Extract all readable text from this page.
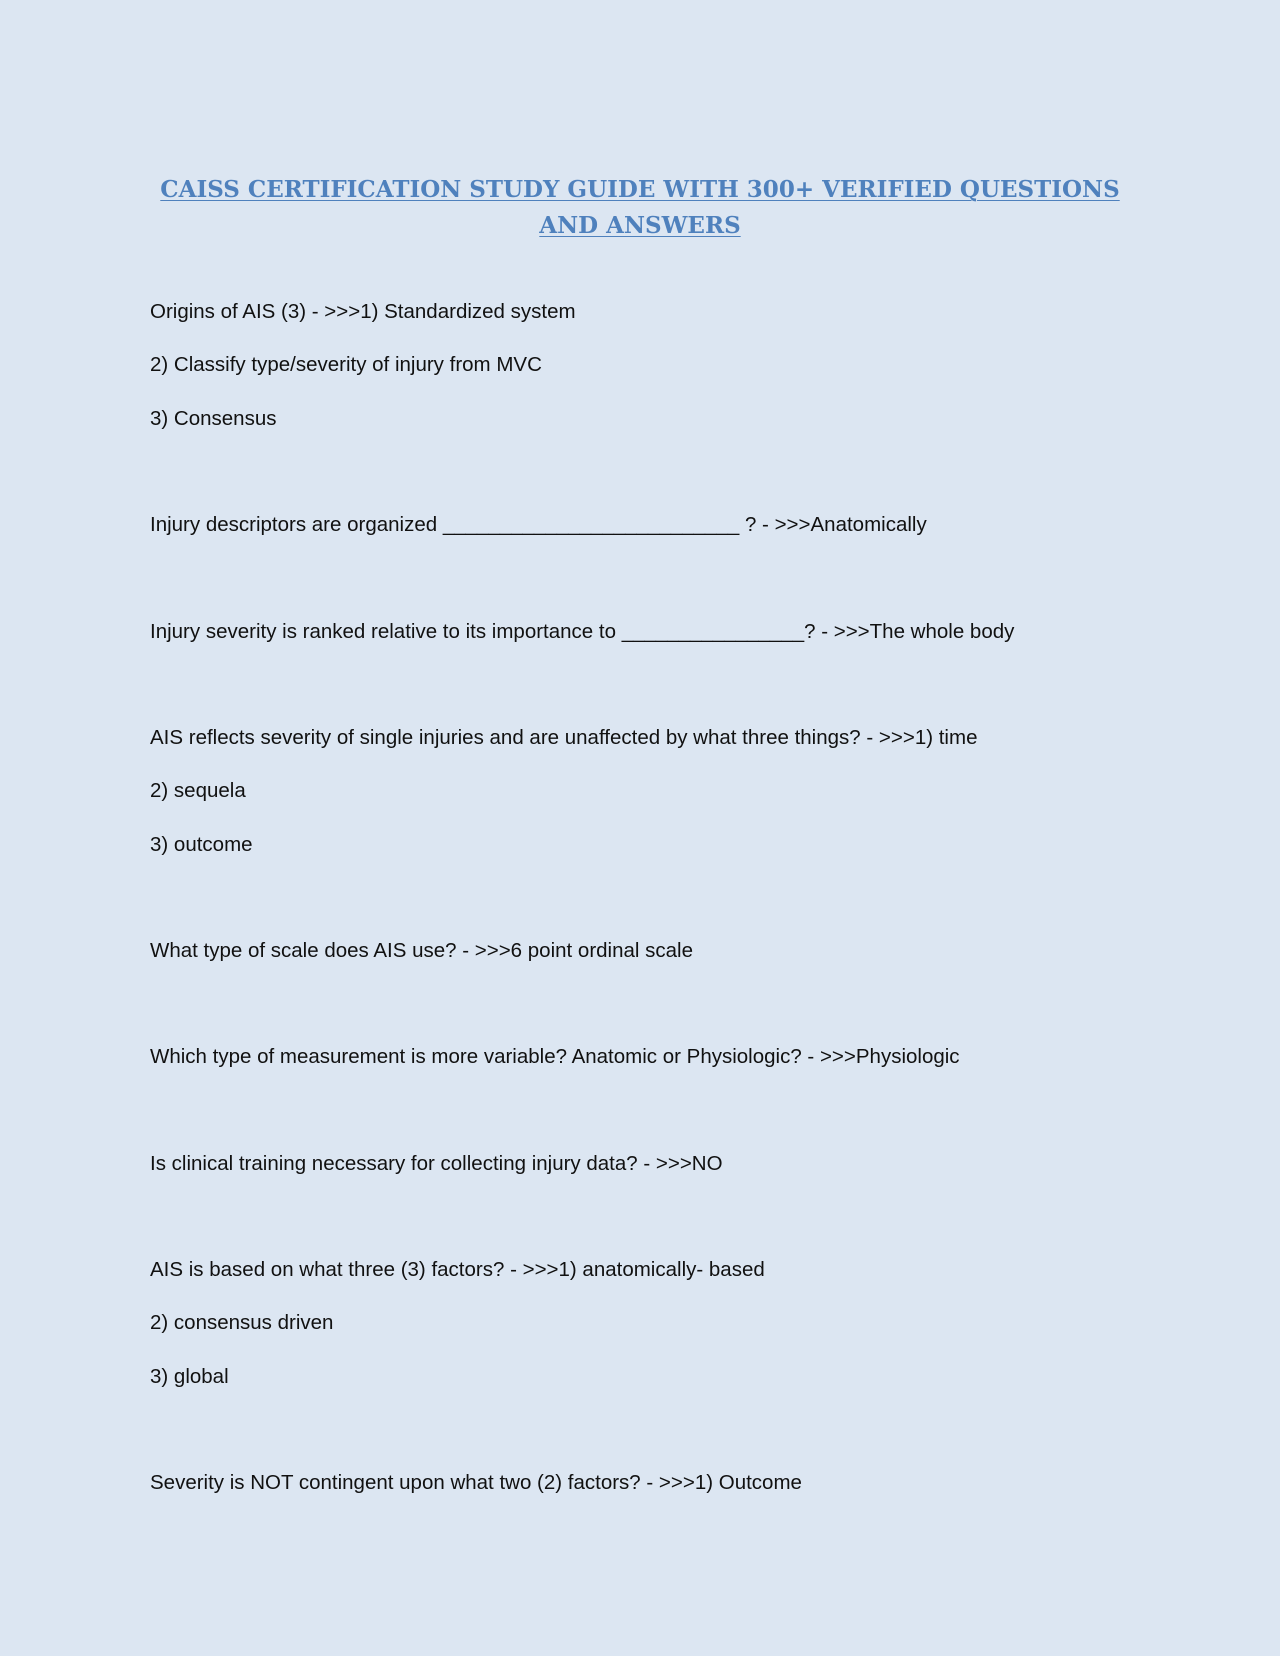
CAISS CERTIFICATION STUDY GUIDE WITH 300+ VERIFIED QUESTIONS AND ANSWERS

Origins of AIS (3) - >>>1) Standardized system

2) Classify type/severity of injury from MVC

3) Consensus

Injury descriptors are organized __________________________ ? - >>>Anatomically

Injury severity is ranked relative to its importance to ________________? - >>>The whole body

AIS reflects severity of single injuries and are unaffected by what three things? - >>>1) time

2) sequela

3) outcome

What type of scale does AIS use? - >>>6 point ordinal scale

Which type of measurement is more variable? Anatomic or Physiologic? - >>>Physiologic

Is clinical training necessary for collecting injury data? - >>>NO

AIS is based on what three (3) factors? - >>>1) anatomically- based

2) consensus driven

3) global

Severity is NOT contingent upon what two (2) factors? - >>>1) Outcome
